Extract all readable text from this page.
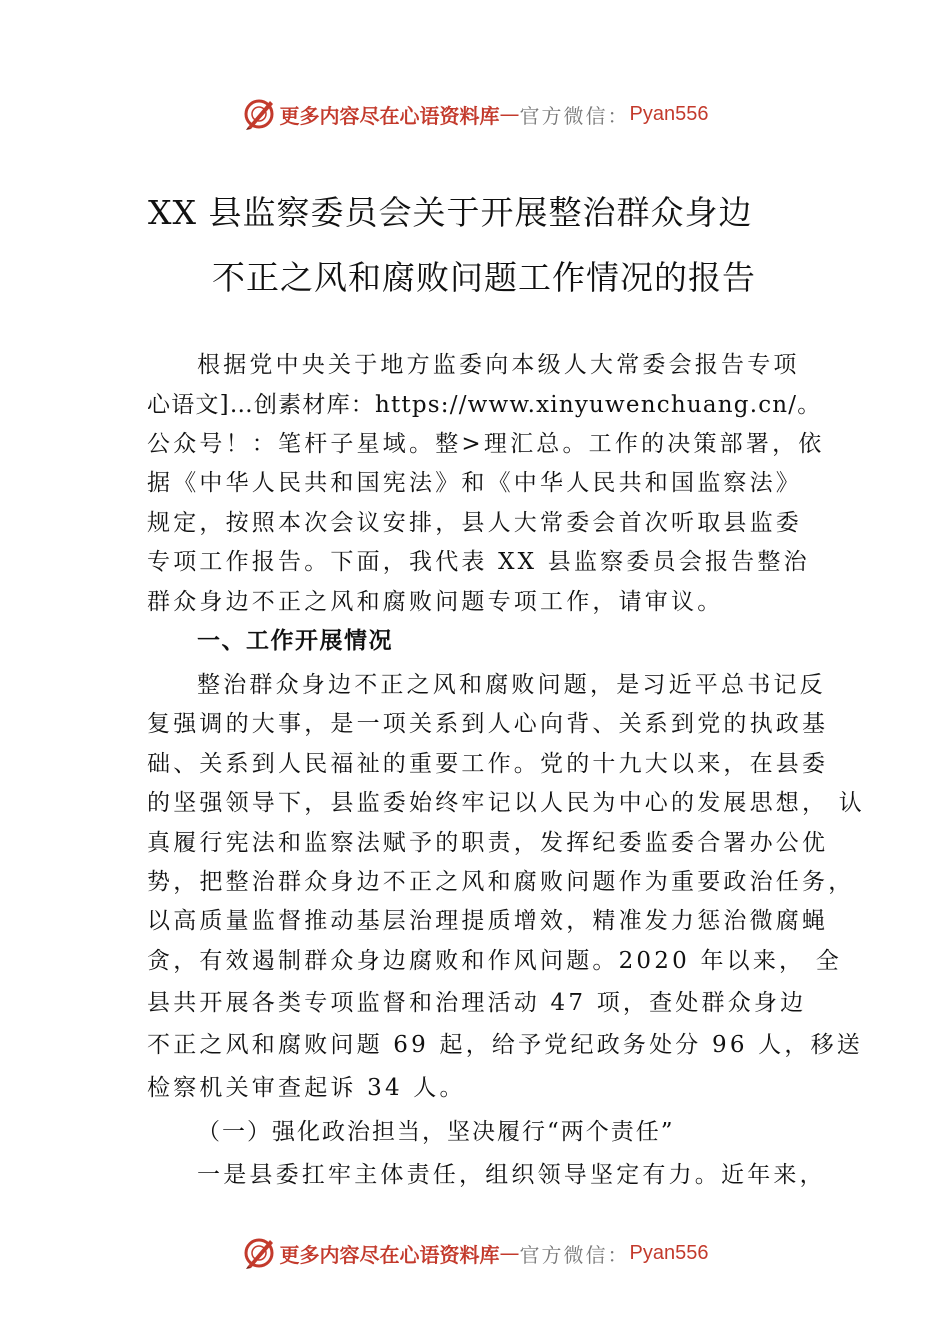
更多内容尽在心语资料库 — 官方微信： Pyan556
XX 县监察委员会关于开展整治群众身边
不正之风和腐败问题工作情况的报告
根据党中央关于地方监委向本级人大常委会报告专项
心语文]…创素材库：https://www.xinyuwenchuang.cn/。
公众号！：笔杆子星域。整>理汇总。工作的决策部署，依
据《中华人民共和国宪法》和《中华人民共和国监察法》
规定，按照本次会议安排，县人大常委会首次听取县监委
专项工作报告。下面，我代表 XX 县监察委员会报告整治
群众身边不正之风和腐败问题专项工作，请审议。
一、工作开展情况
整治群众身边不正之风和腐败问题，是习近平总书记反
复强调的大事，是一项关系到人心向背、关系到党的执政基
础、关系到人民福祉的重要工作。党的十九大以来，在县委
的坚强领导下，县监委始终牢记以人民为中心的发展思想， 认
真履行宪法和监察法赋予的职责，发挥纪委监委合署办公优
势，把整治群众身边不正之风和腐败问题作为重要政治任务，
以高质量监督推动基层治理提质增效，精准发力惩治微腐蝇
贪，有效遏制群众身边腐败和作风问题。2020 年以来， 全
县共开展各类专项监督和治理活动 47 项，查处群众身边
不正之风和腐败问题 69 起，给予党纪政务处分 96 人，移送
检察机关审查起诉 34 人。
（一）强化政治担当，坚决履行“两个责任”
一是县委扛牢主体责任，组织领导坚定有力。近年来，
更多内容尽在心语资料库 — 官方微信： Pyan556
